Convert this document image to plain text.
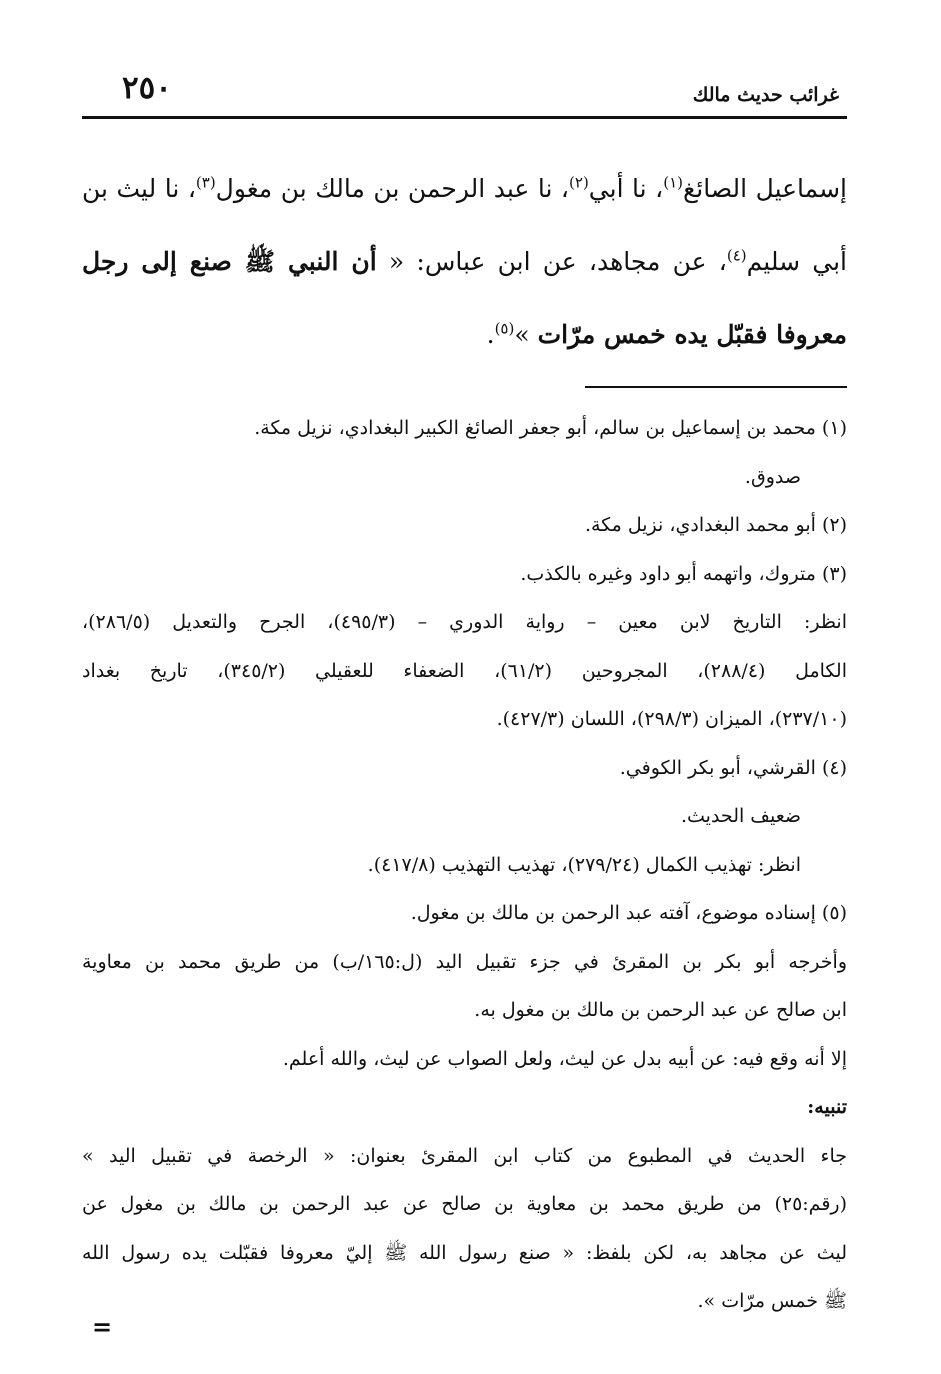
٢٥٠	غرائب حديث مالك
إسماعيل الصائغ$^{(١)}$، نا أبي$^{(٢)}$، نا عبد الرحمن بن مالك بن مغول$^{(٣)}$، نا ليث بن أبي سليم$^{(٤)}$، عن مجاهد، عن ابن عباس: « أن النبي ﷺ صنع إلى رجل معروفا فقبّل يده خمس مرّات »$^{(٥)}$.
(١) محمد بن إسماعيل بن سالم، أبو جعفر الصائغ الكبير البغدادي، نزيل مكة.
صدوق.
(٢) أبو محمد البغدادي، نزيل مكة.
(٣) متروك، واتهمه أبو داود وغيره بالكذب.
انظر: التاريخ لابن معين – رواية الدوري – (٤٩٥/٣)، الجرح والتعديل (٢٨٦/٥)،
الكامل (٢٨٨/٤)، المجروحين (٦١/٢)، الضعفاء للعقيلي (٣٤٥/٢)، تاريخ بغداد
(٢٣٧/١٠)، الميزان (٢٩٨/٣)، اللسان (٤٢٧/٣).
(٤) القرشي، أبو بكر الكوفي.
ضعيف الحديث.
انظر: تهذيب الكمال (٢٧٩/٢٤)، تهذيب التهذيب (٤١٧/٨).
(٥) إسناده موضوع، آفته عبد الرحمن بن مالك بن مغول.
وأخرجه أبو بكر بن المقرئ في جزء تقبيل اليد (ل:١٦٥/ب) من طريق محمد بن معاوية
ابن صالح عن عبد الرحمن بن مالك بن مغول به.
إلا أنه وقع فيه: عن أبيه بدل عن ليث، ولعل الصواب عن ليث، والله أعلم.
تنبيه:
جاء الحديث في المطبوع من كتاب ابن المقرئ بعنوان: « الرخصة في تقبيل اليد »
(رقم:٢٥) من طريق محمد بن معاوية بن صالح عن عبد الرحمن بن مالك بن مغول عن
ليث عن مجاهد به، لكن بلفظ: « صنع رسول الله ﷺ إليّ معروفا فقبّلت يده رسول الله
ﷺ خمس مرّات ».
=
